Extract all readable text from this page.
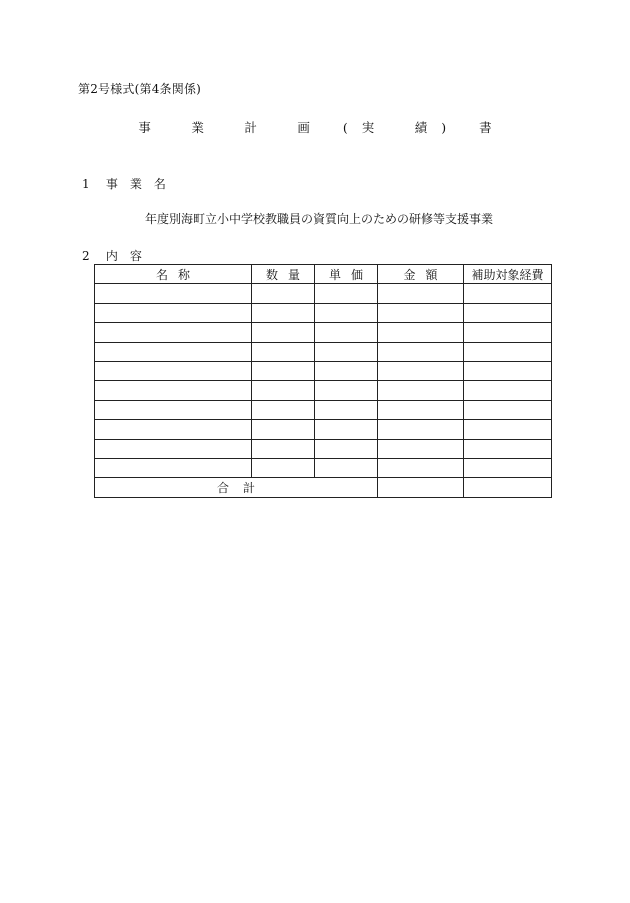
第2号様式(第4条関係)
事　業　計　画 (実　績) 書
1 事業名
年度別海町立小中学校教職員の資質向上のための研修等支援事業
2 内容
名称	数量	単価	金額	補助対象経費

合計				
